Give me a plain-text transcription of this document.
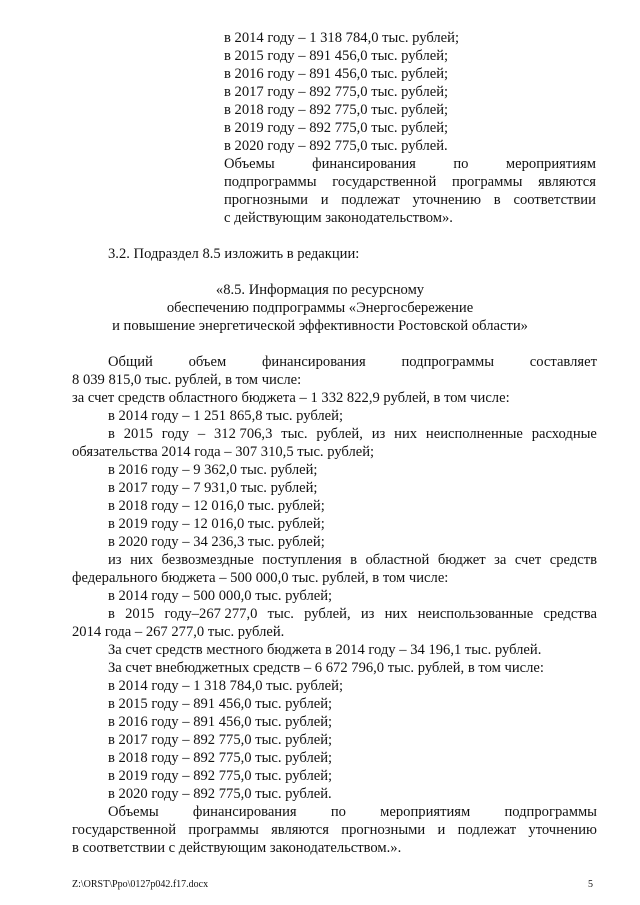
в 2014 году – 1 318 784,0 тыс. рублей;
в 2015 году – 891 456,0 тыс. рублей;
в 2016 году – 891 456,0 тыс. рублей;
в 2017 году – 892 775,0 тыс. рублей;
в 2018 году – 892 775,0 тыс. рублей;
в 2019 году – 892 775,0 тыс. рублей;
в 2020 году – 892 775,0 тыс. рублей.
Объемы	финансирования	по	мероприятиям
подпрограммы государственной программы являются
прогнозными и подлежат уточнению в соответствии
с действующим законодательством».
3.2. Подраздел 8.5 изложить в редакции:
«8.5. Информация по ресурсному
обеспечению подпрограммы «Энергосбережение
и повышение энергетической эффективности Ростовской области»
Общий объем финансирования подпрограммы составляет
8 039 815,0 тыс. рублей, в том числе:
за счет средств областного бюджета – 1 332 822,9 рублей, в том числе:
в 2014 году – 1 251 865,8 тыс. рублей;
в 2015 году – 312 706,3 тыс. рублей, из них неисполненные расходные
обязательства 2014 года – 307 310,5 тыс. рублей;
в 2016 году – 9 362,0 тыс. рублей;
в 2017 году – 7 931,0 тыс. рублей;
в 2018 году – 12 016,0 тыс. рублей;
в 2019 году – 12 016,0 тыс. рублей;
в 2020 году – 34 236,3 тыс. рублей;
из них безвозмездные поступления в областной бюджет за счет средств
федерального бюджета – 500 000,0 тыс. рублей, в том числе:
в 2014 году – 500 000,0 тыс. рублей;
в 2015 году–267 277,0 тыс. рублей, из них неиспользованные средства
2014 года – 267 277,0 тыс. рублей.
За счет средств местного бюджета в 2014 году – 34 196,1 тыс. рублей.
За счет внебюджетных средств – 6 672 796,0 тыс. рублей, в том числе:
в 2014 году – 1 318 784,0 тыс. рублей;
в 2015 году – 891 456,0 тыс. рублей;
в 2016 году – 891 456,0 тыс. рублей;
в 2017 году – 892 775,0 тыс. рублей;
в 2018 году – 892 775,0 тыс. рублей;
в 2019 году – 892 775,0 тыс. рублей;
в 2020 году – 892 775,0 тыс. рублей.
Объемы финансирования по мероприятиям подпрограммы
государственной программы являются прогнозными и подлежат уточнению
в соответствии с действующим законодательством.».
Z:\ORST\Ppo\0127p042.f17.docx	5
